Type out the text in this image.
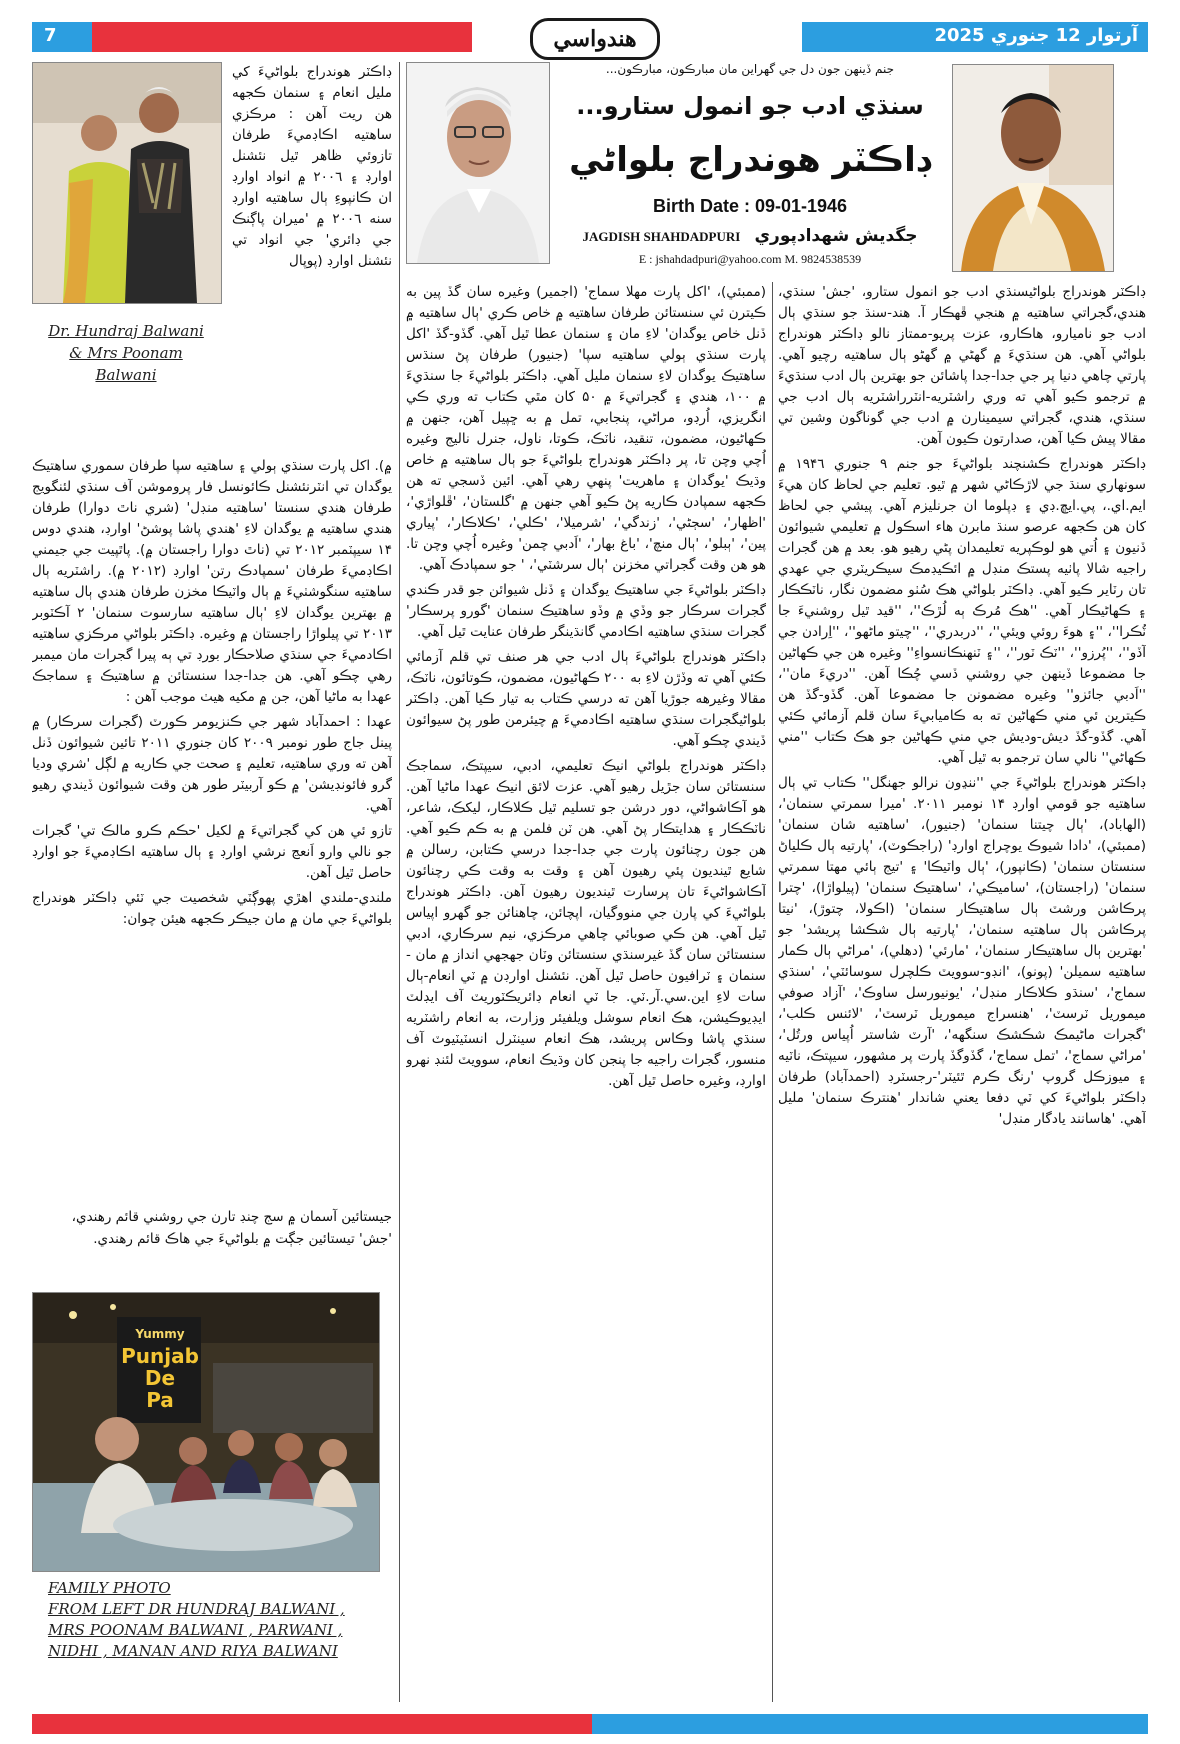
7	هندواسي	آرتوار 12 جنوري 2025
Dr. Hundraj Balwani
& Mrs Poonam
Balwani
Yummy
Punjab
De
Pa
FAMILY PHOTO
FROM LEFT DR HUNDRAJ BALWANI ,
MRS POONAM BALWANI , PARWANI ,
NIDHI , MANAN AND RIYA BALWANI
جنم ڏينهن جون دل جي گهراين مان مبارڪون، مبارڪون...
سنڌي ادب جو انمول ستارو...
ڊاڪٽر هوندراج بلواڻي
Birth Date : 09-01-1946
JAGDISH SHAHDADPURI جگديش شهدادپوري
E : jshahdadpuri@yahoo.com M. 9824538539

ڊاڪٽر هوندراج بلواڻيسنڌي ادب جو انمول ستارو، 'جش' سنڌي، هندي،گجراتي ساهتيه ۾ هنجي ڦهڪار آ. هند-سنڌ جو سنڌي ٻال ادب جو ناميارو، هاڪارو، عزت پريو-ممتاز نالو ڊاڪٽر هوندراج بلواڻي آهي. هن سنڌيءَ ۾ گهڻي ۾ گهڻو ٻال ساهتيه رچيو آهي. پارتي چاهي دنيا پر جي جدا-جدا پاشائن جو بهترين ٻال ادب سنڌيءَ ۾ ترجمو ڪيو آهي ته وري راشٽريه-انٽرراشٽريه ٻال ادب جي سنڌي، هندي، گجراتي سيمينارن ۾ ادب جي گوناگون وشين تي مقالا پيش ڪيا آهن، صدارتون ڪيون آهن.

ڊاڪٽر هوندراج ڪشنچند بلواڻيءَ جو جنم ۹ جنوري ۱۹۴٦ ۾ سونهاري سنڌ جي لاڙڪاڻي شهر ۾ ٿيو. تعليم جي لحاظ کان هيءَ ايم.اي.، پي.ايڇ.ڊي ۽ ڊپلوما ان جرنليزم آهي. پيشي جي لحاظ کان هن ڪجهه عرصو سنڌ مابرن هاء اسڪول ۾ تعليمي شيوائون ڏنيون ۽ اُتي هو لوڪپريه تعليمدان پڻي رهيو هو. بعد ۾ هن گجرات راجيه شالا پاٺيه پستڪ منڊل ۾ ائڪيڊمڪ سيڪريٽري جي عهدي تان رٽاير ڪيو آهي. ڊاڪٽر بلواڻي هڪ سُٺو مضمون نگار، ناٽڪڪار ۽ ڪهاڻيڪار آهي. ''هڪ مُرڪ ٻه لُڙڪ''، ''قيد ٿيل روشنيءَ جا ٽُڪرا''، ''۽ هوءَ روئي ويئي''، ''دربدري''، ''چيتو ماڻهو''، ''اِرادن جي آڏو''، ''پُرزو''، ''ٽڪ ٽور''، ''۽ ٽنهنڪانسواءِ'' وغيره هن جي ڪهاڻين جا مضموعا ڏينهن جي روشني ڏسي چُڪا آهن. ''دريءَ مان''، ''اَدبي جائزو'' وغيره مضمونن جا مضموعا آهن. گڏو-گڏ هن ڪيترين ئي مني ڪهاڻين ته به ڪاميابيءَ سان قلم آزمائي ڪئي آهي. گڏو-گڏ ديش-وديش جي مني ڪهاڻين جو هڪ ڪتاب ''مني ڪهاڻي'' نالي سان ترجمو به ٿيل آهي.

ڊاڪٽر هوندراج بلواڻيءَ جي ''ننڍون نرالو جهنگل'' ڪتاب تي ٻال ساهتيه جو قومي اوارڊ ۱۴ نومبر ۲۰۱۱. 'ميرا سمرتي سنمان'، (الهاباد)، 'ٻال چيتنا سنمان' (جنيور)، 'ساهتيه شان سنمان' (ممبئي)، 'دادا شيوڪ يوچراج اوارڊ' (راجڪوٽ)، 'پارتيه ٻال ڪلياڻ سنستان سنمان' (ڪانپور)، 'ٻال واٽيڪا' ۽ 'تيج ٻائي مهتا سمرتي سنمان' (راجستان)، 'ساميڪي'، 'ساهتيڪ سنمان' (پيلواڙا)، 'چترا پرڪاشن ورشٽ ٻال ساهتيڪار سنمان' (اڪولا، چتوڙ)، 'نيتا پرڪاشن ٻال ساهتيه سنمان'، 'پارتيه ٻال شڪشا پريشد' جو 'بهترين ٻال ساهتيڪار سنمان'، 'مارئي' (دهلي)، 'مراڻي ٻال ڪمار ساهتيه سميلن' (پونو)، 'انڊو-سوويٽ ڪلچرل سوسائٽي'، 'سنڌي سماج'، 'سنڌو ڪلاڪار منڊل'، 'يونيورسل ساوڪ'، 'آزاد صوفي ميموريل ٽرسٽ'، 'هنسراج ميموريل ٽرسٽ'، 'لائنس ڪلب'، 'گجرات ماڻيمڪ شڪشڪ سنگهه'، 'آرٽ شاستر اُپياس ورتُل'، 'مراڻي سماج'، 'تمل سماج'، گڏوگڏ پارت پر مشهور، سيپتڪ، ناٽيه ۽ ميوزڪل گروپ 'رنگ ڪرم ٿئيٽر'-رجسٽرڊ (احمدآباد) طرفان ڊاڪٽر بلواڻيءَ کي ٽي دفعا يعني شاندار 'هنترڪ سنمان' مليل آهي. 'هاسانند يادگار منڊل'

(ممبئي)، 'اکل پارت مهلا سماج' (اجمير) وغيره سان گڏ پين به ڪيترن ئي سنستائن طرفان ساهتيه ۾ خاص ڪري 'ٻال ساهتيه ۾ ڏنل خاص يوگدان' لاءِ مان ۽ سنمان عطا ٿيل آهي. گڏو-گڏ 'اکل پارت سنڌي ٻولي ساهتيه سپا' (جنيور) طرفان پڻ سنڌس ساهتيڪ يوگدان لاءِ سنمان مليل آهي. ڊاڪٽر بلواڻيءَ جا سنڌيءَ ۾ ۱۰۰، هندي ۽ گجراتيءَ ۾ ۵۰ کان مٿي ڪتاب ته وري ڪي انگريزي، اُرڊو، مراڻي، پنجابي، تمل ۾ به ڇپيل آهن، جنهن ۾ ڪهاڻيون، مضمون، تنقيد، ناٽڪ، ڪوتا، ناول، جنرل ناليج وغيره اُچي وچن تا، پر ڊاڪٽر هوندراج بلواڻيءَ جو ٻال ساهتيه ۾ خاص وڌيڪ 'يوگدان ۽ ماهريت' پنهي رهي آهي. ائين ڏسجي ته هن ڪجهه سمپادن ڪاريه پڻ ڪيو آهي جنهن ۾ 'گلستان'، 'ڦلواڙي'، 'اظهار'، 'سڄڻي'، 'زندگي'، 'شرميلا'، 'ڪلي'، 'ڪلاڪار'، 'پياري پين'، 'ٻبلو'، 'ٻال منچ'، 'باغ بهار'، 'اَدبي چمن' وغيره اُچي وچن تا. هو هن وقت گجراتي مخزنن 'ٻال سرشٽي'، ' جو سمپادڪ آهي.

ڊاڪٽر بلواڻيءَ جي ساهتيڪ يوگدان ۽ ڏنل شيوائن جو قدر ڪندي گجرات سرڪار جو وڏي ۾ وڏو ساهتيڪ سنمان 'گورو پرسڪار' گجرات سنڌي ساهتيه اڪادمي گانڌينگر طرفان عنايت ٿيل آهي.

ڊاڪٽر هوندراج بلواڻيءَ ٻال ادب جي هر صنف تي قلم آزمائي ڪئي آهي ته وڏڙن لاءِ به ۲۰۰ ڪهاڻيون، مضمون، ڪوتائون، ناٽڪ، مقالا وغيرهه جوڙيا آهن ته درسي ڪتاب به تيار ڪيا آهن. ڊاڪٽر بلواڻيگجرات سنڌي ساهتيه اڪادميءَ ۾ چيئرمن طور پڻ سيوائون ڏيندي چڪو آهي.

ڊاڪٽر هوندراج بلواڻي انيڪ تعليمي، ادبي، سيپتڪ، سماجڪ سنستائن سان جڙيل رهيو آهي. عزت لائق انيڪ عهدا ماڻيا آهن. هو آڪاشواڻي، دور درشن جو تسليم ٿيل ڪلاڪار، ليکڪ، شاعر، ناٽڪڪار ۽ هدايتڪار پڻ آهي. هن ٽن فلمن ۾ به ڪم ڪيو آهي. هن جون رچنائون پارت جي جدا-جدا درسي ڪتابن، رسالن ۾ شايع ٿينديون پئي رهيون آهن ۽ وقت به وقت ڪي رچنائون آڪاشواڻيءَ تان پرسارت ٿينديون رهيون آهن. ڊاڪٽر هوندراج بلواڻيءَ کي پارن جي منووگيان، اپچائن، چاهنائن جو گهرو اپياس ٿيل آهي. هن ڪي صوبائي چاهي مرڪزي، نيم سرڪاري، ادبي سنستائن سان گڏ غيرسنڌي سنستائن وٽان جهجهي انداز ۾ مان - سنمان ۽ ٽرافيون حاصل ٿيل آهن. نئشنل اوارڊن ۾ ٽي انعام-ٻال سات لاءِ اين.سي.آر.ٽي. جا ٽي انعام ڊائريڪٽوريٽ آف ايڊلٽ ايڊيوڪيشن، هڪ انعام سوشل ويلفيئر وزارت، به انعام راشٽريه سنڌي پاشا وڪاس پريشد، هڪ انعام سينٽرل انسٽيٽيوٽ آف منسور، گجرات راجيه جا پنجن کان وڌيڪ انعام، سوويٽ لئنڊ نهرو اوارڊ، وغيره حاصل ٿيل آهن.

ڊاڪٽر هوندراج بلواڻيءَ کي مليل انعام ۽ سنمان ڪجهه هن ريت آهن : مرڪزي ساهتيه اڪاڊميءَ طرفان تازوئي ظاهر ٿيل نئشنل اوارڊ ۽ ۲۰۰٦ ۾ انواد اوارڊ ان ڪانپوءِ ٻال ساهتيه اوارڊ سنه ۲۰۰٦ ۾ 'ميران پاڳنڪ جي ڊائري' جي انواد تي نئشنل اوارڊ (پوپال

۾). اکل پارت سنڌي ٻولي ۽ ساهتيه سپا طرفان سموري ساهتيڪ يوگدان تي انٽرنئشنل ڪائونسل فار پروموشن آف سنڌي لئنگويج طرفان هندي سنستا 'ساهتيه منڊل' (شري ناٿ دوارا) طرفان هندي ساهتيه ۾ يوگدان لاءِ 'هندي پاشا پوشڻ' اوارڊ، هندي دوس ۱۴ سيپٽمبر ۲۰۱۲ تي (ناٿ دوارا راجستان ۾). پاٿپيت جي جيمني اڪاڊميءَ طرفان 'سمپادڪ رتن' اوارڊ (۲۰۱۲ ۾). راشٽريه ٻال ساهتيه سنگوشٺيءَ ۾ ٻال واٽيڪا مخزن طرفان هندي ٻال ساهتيه ۾ بهترين يوگدان لاءِ 'ٻال ساهتيه سارسوت سنمان' ۲ آڪٽوبر ۲۰۱۳ تي پيلواڙا راجستان ۾ وغيره. ڊاڪٽر بلواڻي مرڪزي ساهتيه اڪادميءَ جي سنڌي صلاحڪار بورڊ تي ٻه پيرا گجرات مان ميمبر رهي چڪو آهي. هن جدا-جدا سنستائن ۾ ساهتيڪ ۽ سماجڪ عهدا به ماڻيا آهن، جن ۾ مکيه هيٺ موجب آهن :

عهدا : احمدآباد شهر جي ڪنزيومر ڪورٽ (گجرات سرڪار) ۾ پينل جاج طور نومبر ۲۰۰۹ کان جنوري ۲۰۱۱ تائين شيوائون ڏنل آهن ته وري ساهتيه، تعليم ۽ صحت جي ڪاريه ۾ لڳل 'شري وديا گرو فائونڊيشن' ۾ ڪو آربيٽر طور هن وقت شيوائون ڏيندي رهيو آهي.

تازو ئي هن کي گجراتيءَ ۾ لکيل 'حڪم ڪرو مالڪ تي' گجرات جو نالي وارو اَنعڃ نرشي اوارڊ ۽ ٻال ساهتيه اڪاڊميءَ جو اوارڊ حاصل ٿيل آهن.

ملندي-ملندي اهڙي پهوڳٽي شخصيت جي ٽئي ڊاڪٽر هوندراج بلواڻيءَ جي مان ۾ مان جيڪر ڪجهه هيئن چوان:

جيستائين آسمان ۾ سج چنڊ تارن جي روشني قائم رهندي،
'جش' تيستائين جڳت ۾ بلواڻيءَ جي هاڪ قائم رهندي.
